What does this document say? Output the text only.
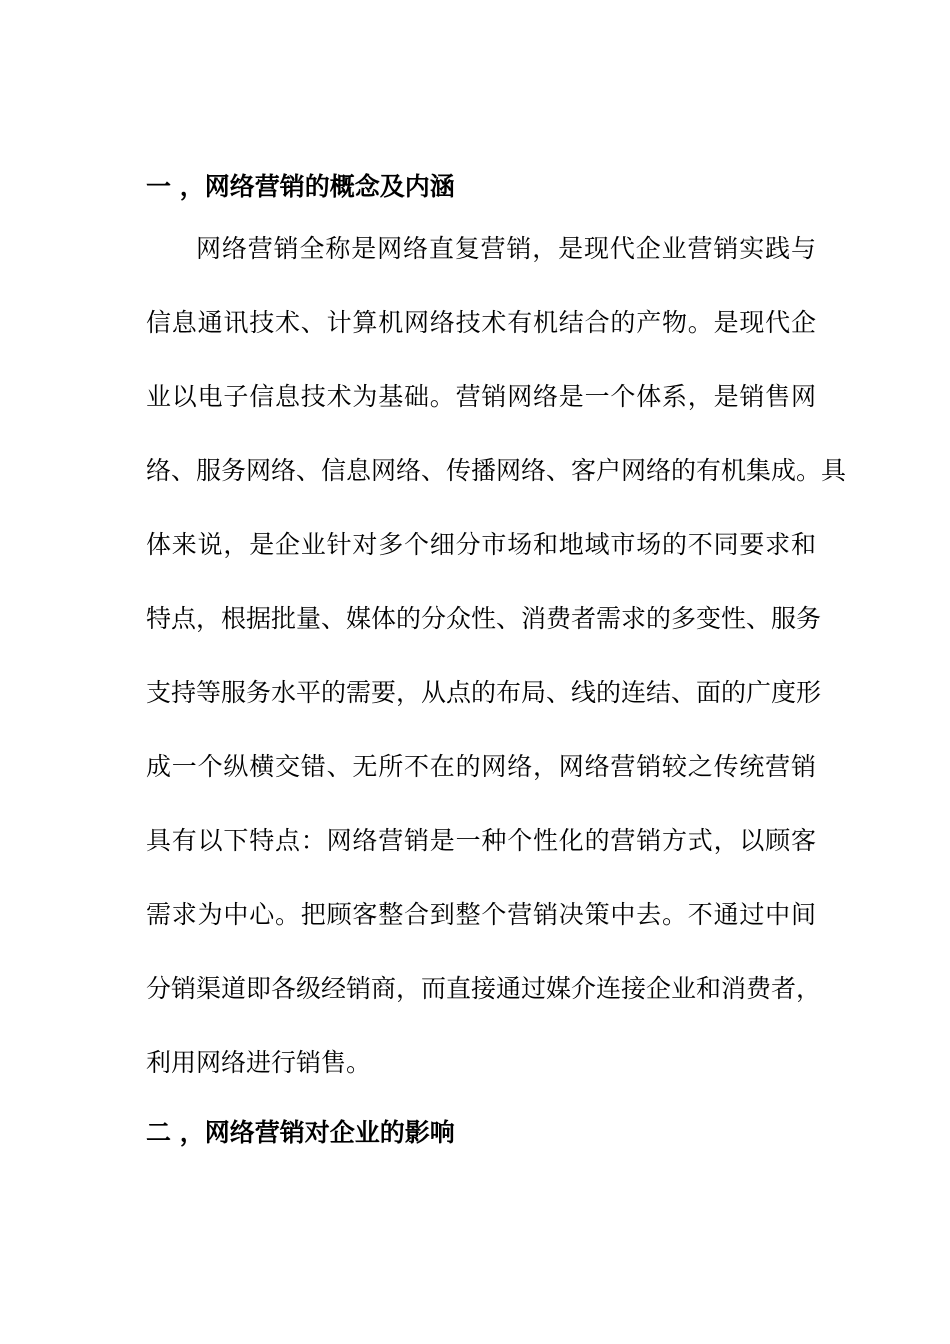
一 ，网络营销的概念及内涵
网络营销全称是网络直复营销，是现代企业营销实践与
信息通讯技术、计算机网络技术有机结合的产物。是现代企
业以电子信息技术为基础。营销网络是一个体系，是销售网
络、服务网络、信息网络、传播网络、客户网络的有机集成。具
体来说，是企业针对多个细分市场和地域市场的不同要求和
特点，根据批量、媒体的分众性、消费者需求的多变性、服务
支持等服务水平的需要，从点的布局、线的连结、面的广度形
成一个纵横交错、无所不在的网络，网络营销较之传统营销
具有以下特点：网络营销是一种个性化的营销方式，以顾客
需求为中心。把顾客整合到整个营销决策中去。不通过中间
分销渠道即各级经销商，而直接通过媒介连接企业和消费者，
利用网络进行销售。
二 ，网络营销对企业的影响
